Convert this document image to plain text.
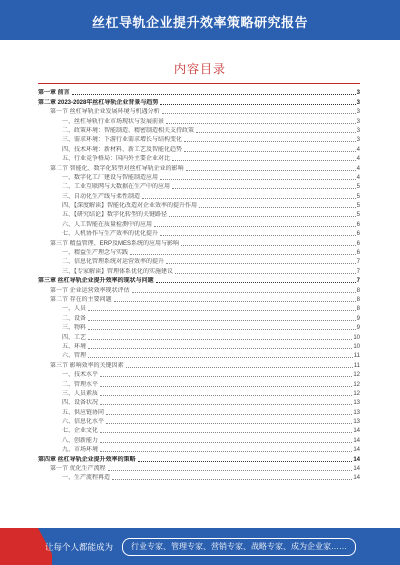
丝杠导轨企业提升效率策略研究报告
内容目录
第一章 前言	3
第二章 2023-2028年丝杠导轨企业背景与趋势	3
第一节 丝杠导轨企业发展环境与机遇分析	3
一、丝杠导轨行业市场现状与发展前景	3
二、政策环境：智能制造、精密制造相关支持政策	3
三、需求环境：下游行业需求增长与结构变化	3
四、技术环境：新材料、新工艺及智能化趋势	4
五、行业竞争格局：国内外主要企业对比	4
第二节 智能化、数字化转型对丝杠导轨企业的影响	4
一、数字化工厂建设与智能制造应用	4
二、工业互联网与大数据在生产中的应用	5
三、自动化生产线与柔性制造	5
四、【深度解读】智能化改造对企业效率的提升作用	5
五、【研究结论】数字化转型的关键路径	5
六、人工智能在质量检测中的应用	6
七、人机协作与生产效率的优化提升	6
第三节 精益管理、ERP及MES系统的应用与影响	6
一、精益生产理念与实践	6
二、信息化管理系统对运营效率的提升	7
三、【专家解读】管理体系优化的实施建议	7
第三章 丝杠导轨企业提升效率的现状与问题	7
第一节 企业运营效率现状评估	8
第二节 存在的主要问题	8
一、人员	8
二、设备	9
三、物料	9
四、工艺	10
五、环境	10
六、管理	11
第三节 影响效率的关键因素	11
一、技术水平	12
二、管理水平	12
三、人员素质	12
四、设备状况	13
五、供应链协同	13
六、信息化水平	13
七、企业文化	14
八、创新能力	14
九、市场环境	14
第四章 丝杠导轨企业提升效率的策略	14
第一节 优化生产流程	14
一、生产流程再造	14
让每个人都能成为	行业专家、管理专家、营销专家、战略专家、成为企业家……
